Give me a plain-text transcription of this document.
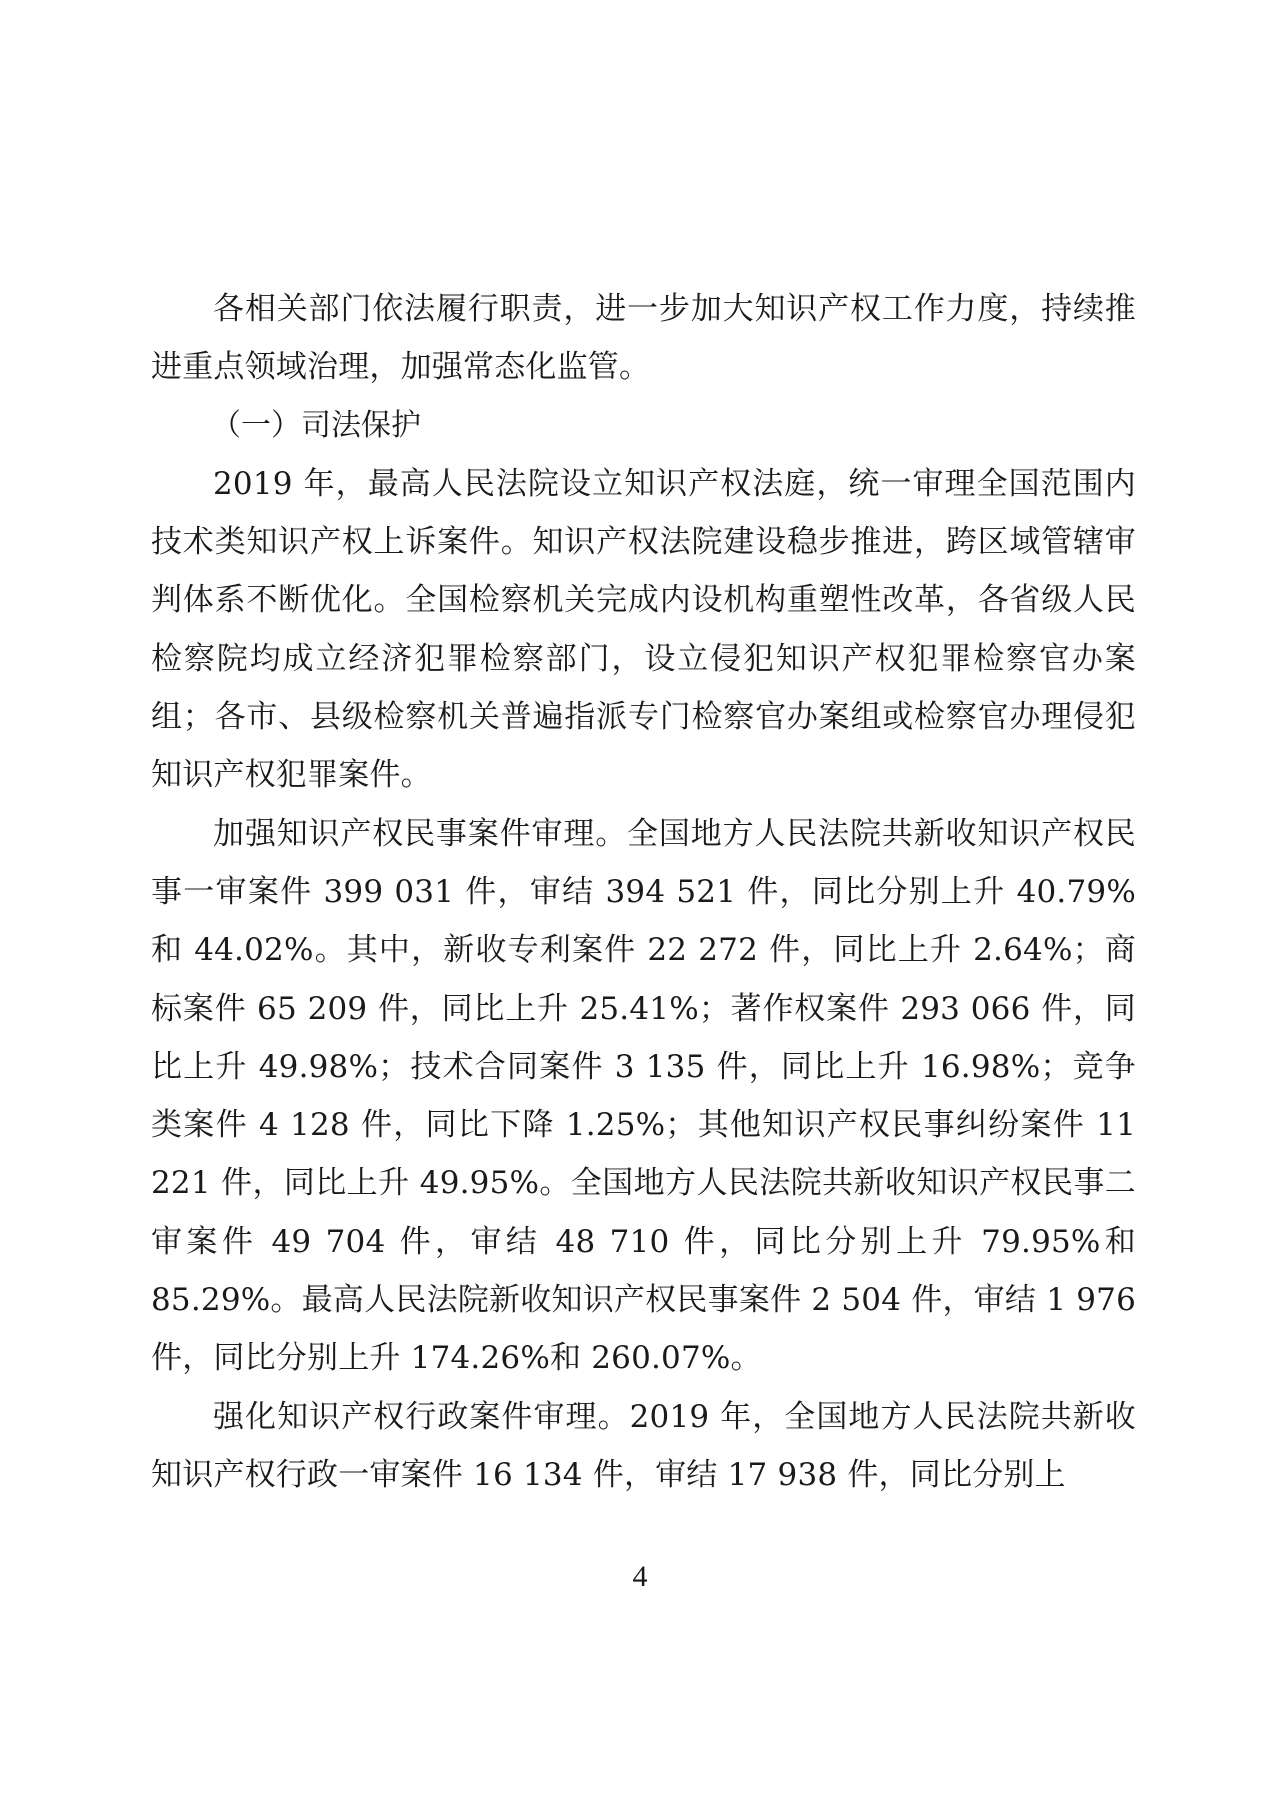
各相关部门依法履行职责，进一步加大知识产权工作力度，持续推进重点领域治理，加强常态化监管。

（一）司法保护

2019 年，最高人民法院设立知识产权法庭，统一审理全国范围内技术类知识产权上诉案件。知识产权法院建设稳步推进，跨区域管辖审判体系不断优化。全国检察机关完成内设机构重塑性改革，各省级人民检察院均成立经济犯罪检察部门，设立侵犯知识产权犯罪检察官办案组；各市、县级检察机关普遍指派专门检察官办案组或检察官办理侵犯知识产权犯罪案件。

加强知识产权民事案件审理。全国地方人民法院共新收知识产权民事一审案件 399 031 件，审结 394 521 件，同比分别上升 40.79%和 44.02%。其中，新收专利案件 22 272 件，同比上升 2.64%；商标案件 65 209 件，同比上升 25.41%；著作权案件 293 066 件，同比上升 49.98%；技术合同案件 3 135 件，同比上升 16.98%；竞争类案件 4 128 件，同比下降 1.25%；其他知识产权民事纠纷案件 11 221 件，同比上升 49.95%。全国地方人民法院共新收知识产权民事二审案件 49 704 件，审结 48 710 件，同比分别上升 79.95%和 85.29%。最高人民法院新收知识产权民事案件 2 504 件，审结 1 976 件，同比分别上升 174.26%和 260.07%。

强化知识产权行政案件审理。2019 年，全国地方人民法院共新收知识产权行政一审案件 16 134 件，审结 17 938 件，同比分别上

4
